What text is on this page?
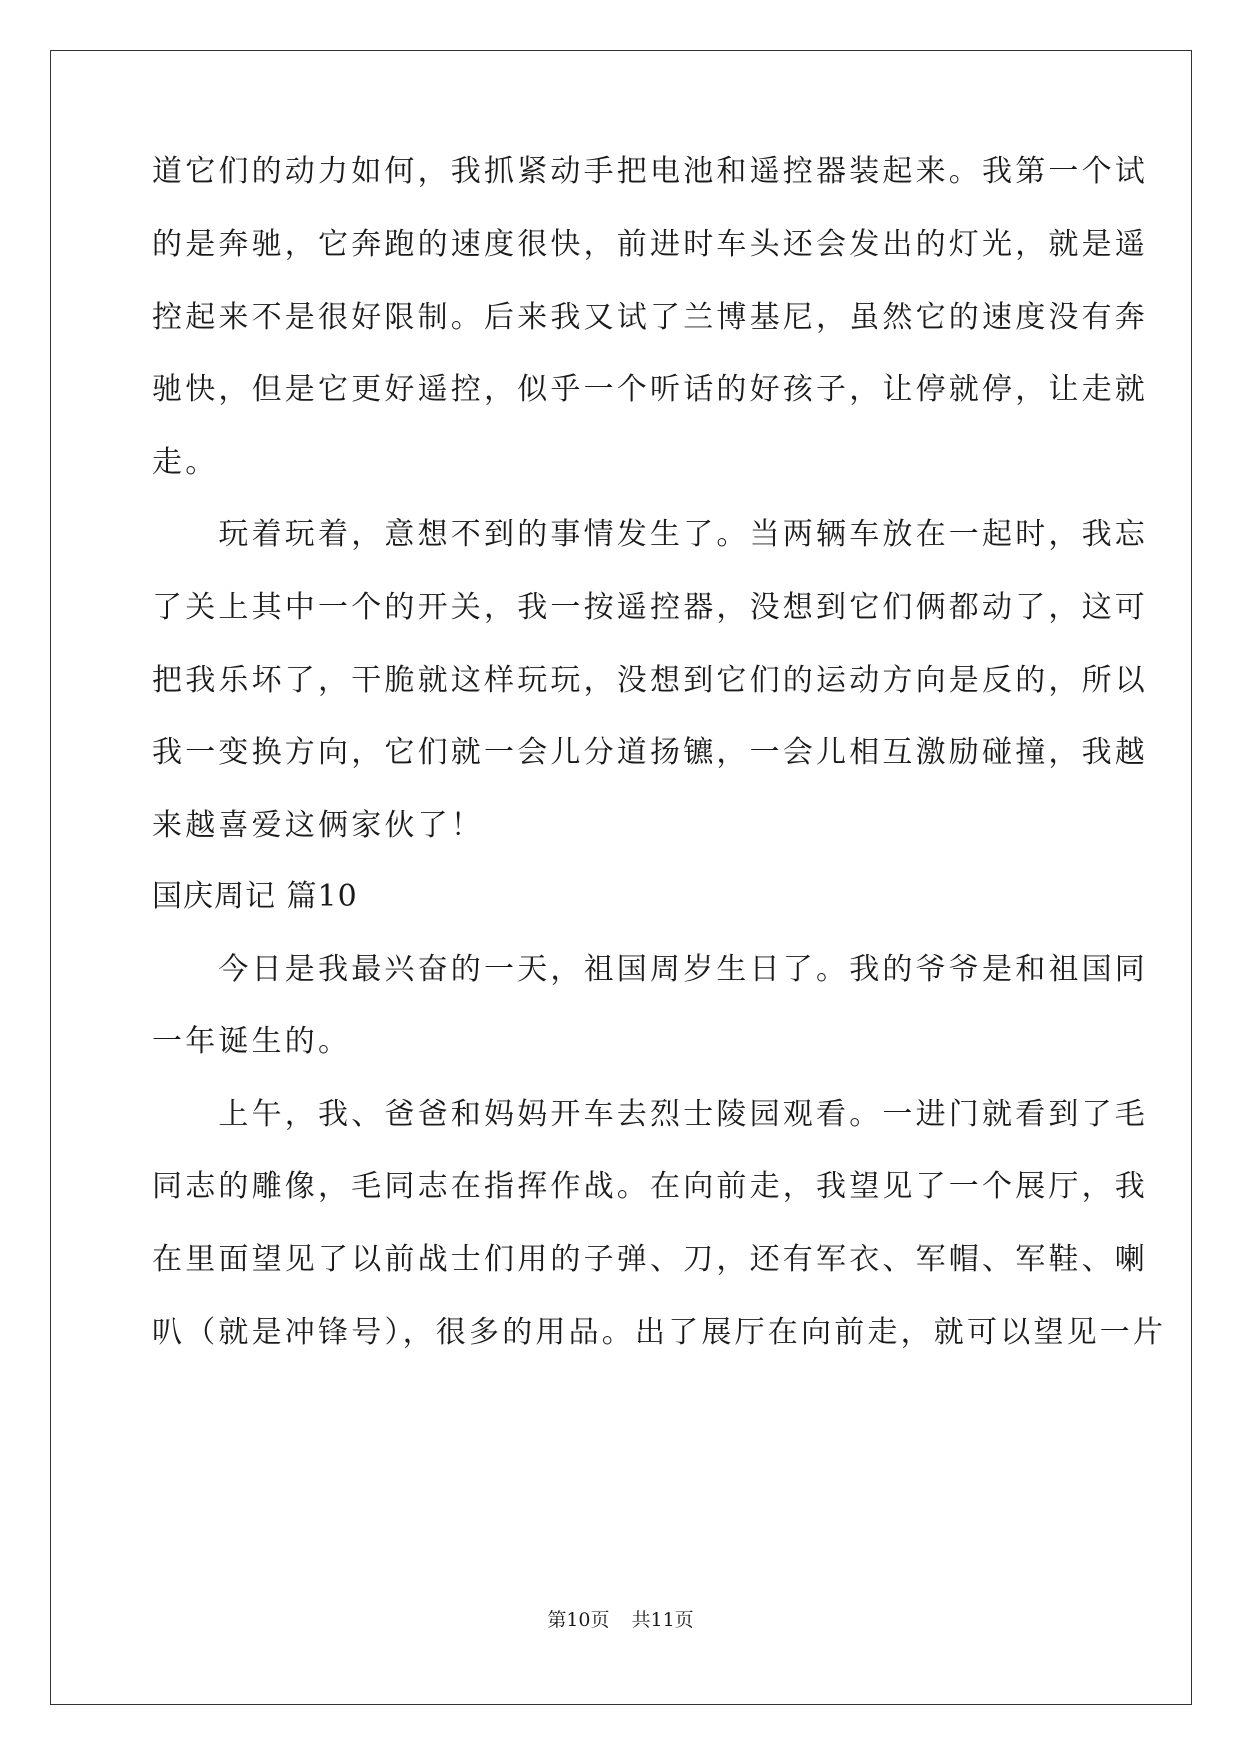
道它们的动力如何，我抓紧动手把电池和遥控器装起来。我第一个试
的是奔驰，它奔跑的速度很快，前进时车头还会发出的灯光，就是遥
控起来不是很好限制。后来我又试了兰博基尼，虽然它的速度没有奔
驰快，但是它更好遥控，似乎一个听话的好孩子，让停就停，让走就
走。
　　玩着玩着，意想不到的事情发生了。当两辆车放在一起时，我忘
了关上其中一个的开关，我一按遥控器，没想到它们俩都动了，这可
把我乐坏了，干脆就这样玩玩，没想到它们的运动方向是反的，所以
我一变换方向，它们就一会儿分道扬镳，一会儿相互激励碰撞，我越
来越喜爱这俩家伙了！
国庆周记 篇10
　　今日是我最兴奋的一天，祖国周岁生日了。我的爷爷是和祖国同
一年诞生的。
　　上午，我、爸爸和妈妈开车去烈士陵园观看。一进门就看到了毛
同志的雕像，毛同志在指挥作战。在向前走，我望见了一个展厅，我
在里面望见了以前战士们用的子弹、刀，还有军衣、军帽、军鞋、喇
叭（就是冲锋号），很多的用品。出了展厅在向前走，就可以望见一片
第10页 共11页
